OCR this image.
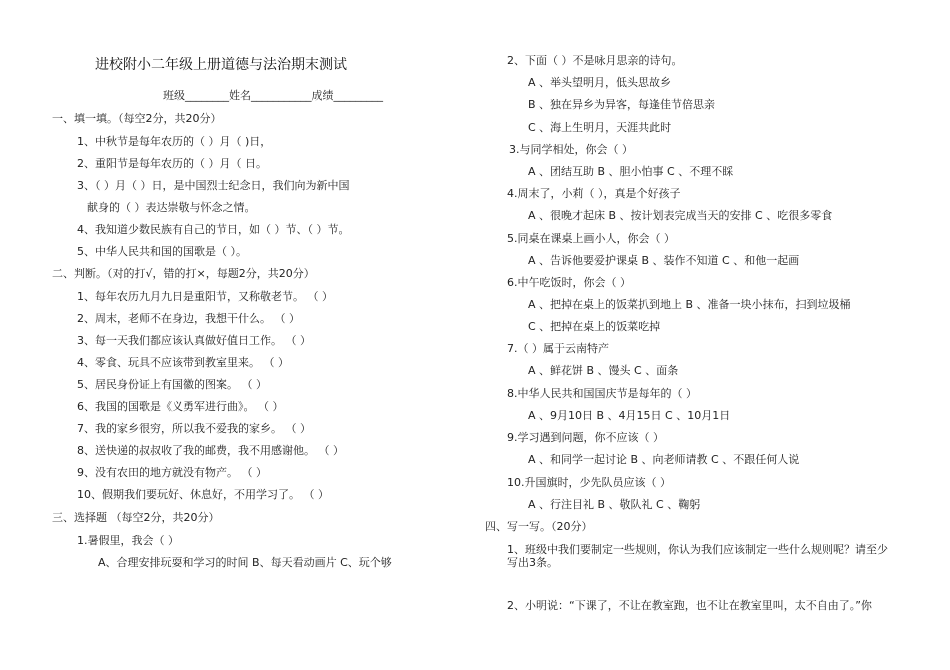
进校附小二年级上册道德与法治期末测试
班级________姓名___________成绩_________
一、填一填。（每空2分，共20分）
1、中秋节是每年农历的（ ）月（ )日，
2、重阳节是每年农历的（ ）月（ 日。
3、（ ）月（ ）日，是中国烈士纪念日，我们向为新中国
献身的（ ）表达崇敬与怀念之情。
4、我知道少数民族有自己的节日，如（ ）节、（ ）节。
5、中华人民共和国的国歌是（ ）。
二、判断。（对的打√，错的打×，每题2分，共20分）
1、每年农历九月九日是重阳节，又称敬老节。 （ ）
2、周末，老师不在身边，我想干什么。 （ ）
3、每一天我们都应该认真做好值日工作。 （ ）
4、零食、玩具不应该带到教室里来。 （ ）
5、居民身份证上有国徽的图案。 （ ）
6、我国的国歌是《义勇军进行曲》。 （ ）
7、我的家乡很穷，所以我不爱我的家乡。 （ ）
8、送快递的叔叔收了我的邮费，我不用感谢他。 （ ）
9、没有农田的地方就没有物产。 （ ）
10、假期我们要玩好、休息好，不用学习了。 （ ）
三、选择题 （每空2分，共20分）
1.暑假里，我会（ ）
A、合理安排玩耍和学习的时间 B、每天看动画片 C、玩个够
2、下面（ ）不是咏月思亲的诗句。
A 、举头望明月，低头思故乡
B 、独在异乡为异客，每逢佳节倍思亲
C 、海上生明月，天涯共此时
3.与同学相处，你会（ ）
A 、团结互助 B 、胆小怕事 C 、不理不睬
4.周末了，小莉（ ），真是个好孩子
A 、很晚才起床 B 、按计划表完成当天的安排 C 、吃很多零食
5.同桌在课桌上画小人，你会（ ）
A 、告诉他要爱护课桌 B 、装作不知道 C 、和他一起画
6.中午吃饭时，你会（ ）
A 、把掉在桌上的饭菜扒到地上 B 、准备一块小抹布，扫到垃圾桶
C 、把掉在桌上的饭菜吃掉
7.（ ）属于云南特产
A 、鲜花饼 B 、馒头 C 、面条
8.中华人民共和国国庆节是每年的（ ）
A 、9月10日 B 、4月15日 C 、10月1日
9.学习遇到问题，你不应该（ ）
A 、和同学一起讨论 B 、向老师请教 C 、不跟任何人说
10.升国旗时，少先队员应该（ ）
A 、行注目礼 B 、敬队礼 C 、鞠躬
四、写一写。（20分）
1、班级中我们要制定一些规则，你认为我们应该制定一些什么规则呢？请至少
写出3条。
2、小明说：“下课了，不让在教室跑，也不让在教室里叫，太不自由了。”你
